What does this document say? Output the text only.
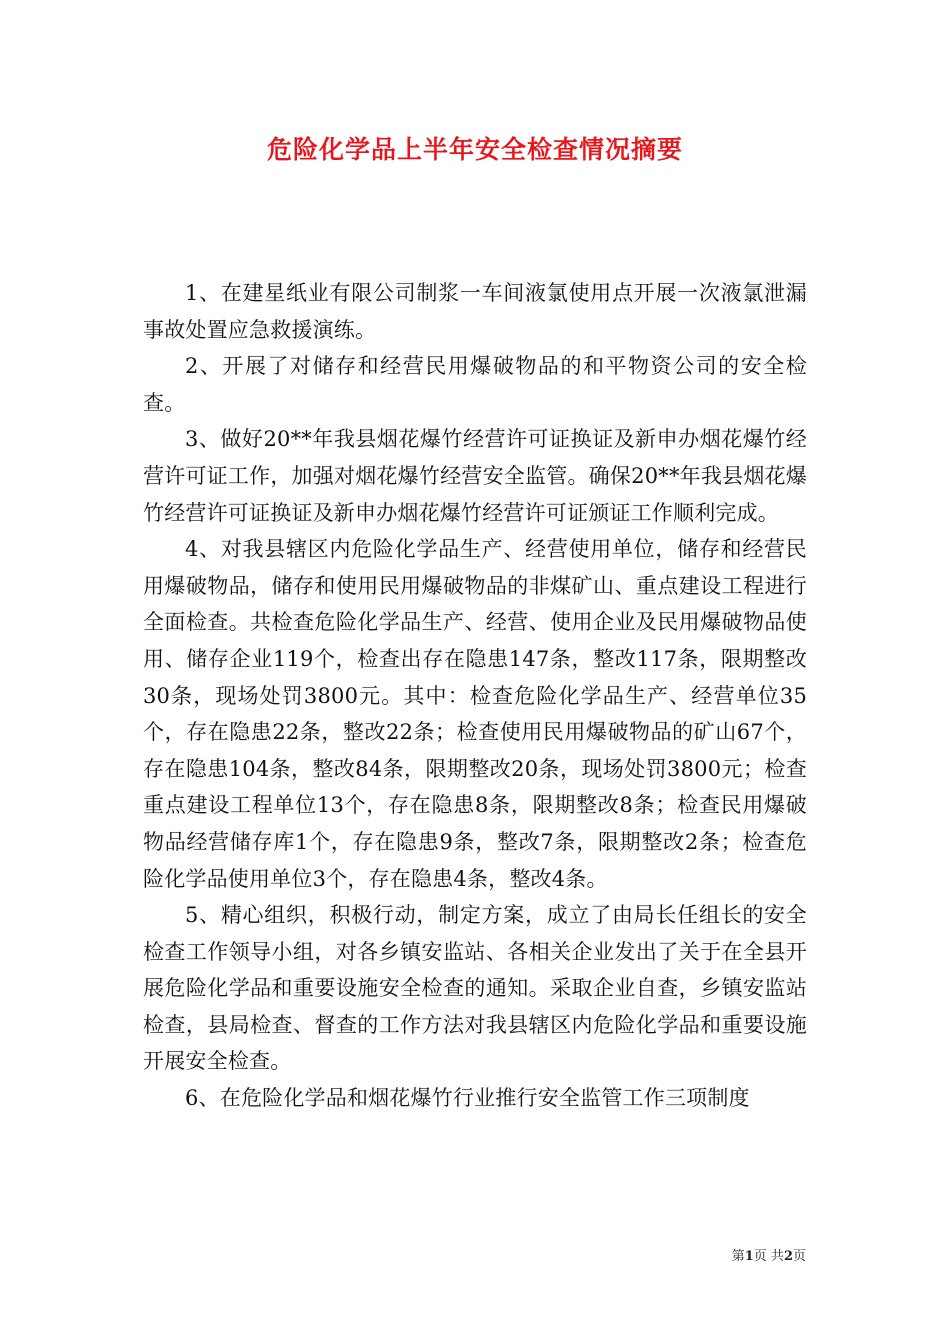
危险化学品上半年安全检查情况摘要

1、在建星纸业有限公司制浆一车间液氯使用点开展一次液氯泄漏事故处置应急救援演练。

2、开展了对储存和经营民用爆破物品的和平物资公司的安全检查。

3、做好20**年我县烟花爆竹经营许可证换证及新申办烟花爆竹经营许可证工作，加强对烟花爆竹经营安全监管。确保20**年我县烟花爆竹经营许可证换证及新申办烟花爆竹经营许可证颁证工作顺利完成。

4、对我县辖区内危险化学品生产、经营使用单位，储存和经营民用爆破物品，储存和使用民用爆破物品的非煤矿山、重点建设工程进行全面检查。共检查危险化学品生产、经营、使用企业及民用爆破物品使用、储存企业119个，检查出存在隐患147条，整改117条，限期整改30条，现场处罚3800元。其中：检查危险化学品生产、经营单位35个，存在隐患22条，整改22条；检查使用民用爆破物品的矿山67个，存在隐患104条，整改84条，限期整改20条，现场处罚3800元；检查重点建设工程单位13个，存在隐患8条，限期整改8条；检查民用爆破物品经营储存库1个，存在隐患9条，整改7条，限期整改2条；检查危险化学品使用单位3个，存在隐患4条，整改4条。

5、精心组织，积极行动，制定方案，成立了由局长任组长的安全检查工作领导小组，对各乡镇安监站、各相关企业发出了关于在全县开展危险化学品和重要设施安全检查的通知。采取企业自查，乡镇安监站检查，县局检查、督查的工作方法对我县辖区内危险化学品和重要设施开展安全检查。

6、在危险化学品和烟花爆竹行业推行安全监管工作三项制度

第1页 共2页
